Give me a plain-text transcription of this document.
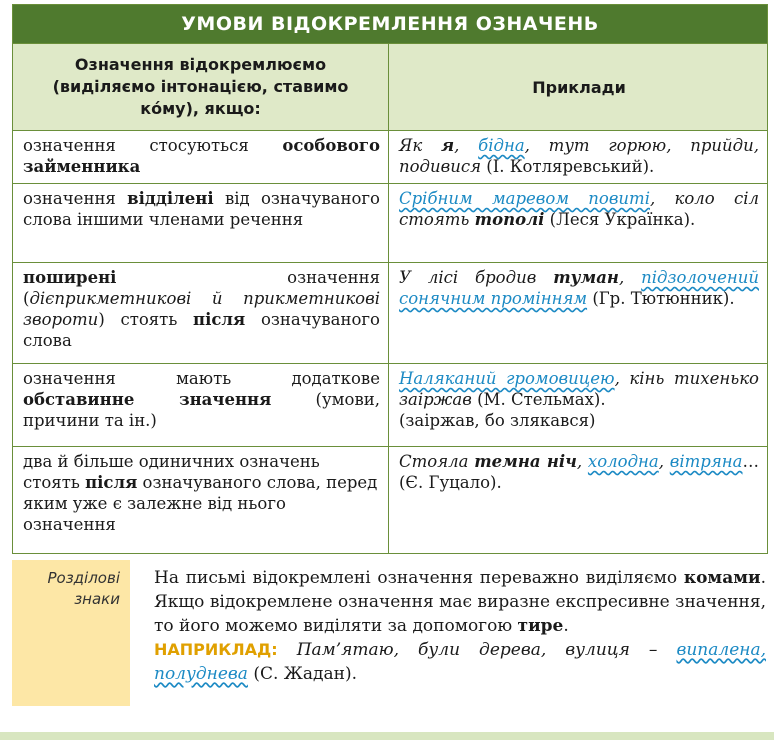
УМОВИ ВІДОКРЕМЛЕННЯ ОЗНАЧЕНЬ
Означення відокремлюємо (виділяємо інтонацією, ставимо ко́му), якщо:
Приклади
означення стосуються особового займенника
Як я, бідна, тут горюю, прийди, подивися (І. Котляревський).
означення відділені від означуваного слова іншими членами речення
Срібним маревом повиті, коло сіл стоять тополі (Леся Українка).
поширені означення (дієприкметникові й прикметникові звороти) стоять після означуваного слова
У лісі бродив туман, підзолочений сонячним промінням (Гр. Тютюнник).
означення мають додаткове обставинне значення (умови, причини та ін.)
Наляканий громовицею, кінь тихенько заіржав (М. Стельмах).
(заіржав, бо злякався)
два й більше одиничних означень стоять після означуваного слова, перед яким уже є залежне від нього означення
Стояла темна ніч, холодна, вітряна… (Є. Гуцало).
Розділові знаки
На письмі відокремлені означення переважно виділяємо комами. Якщо відокремлене означення має виразне експресивне значення, то його можемо виділяти за допомогою тире.
НАПРИКЛАД: Пам’ятаю, були дерева, вулиця – випалена, полуднева (С. Жадан).
